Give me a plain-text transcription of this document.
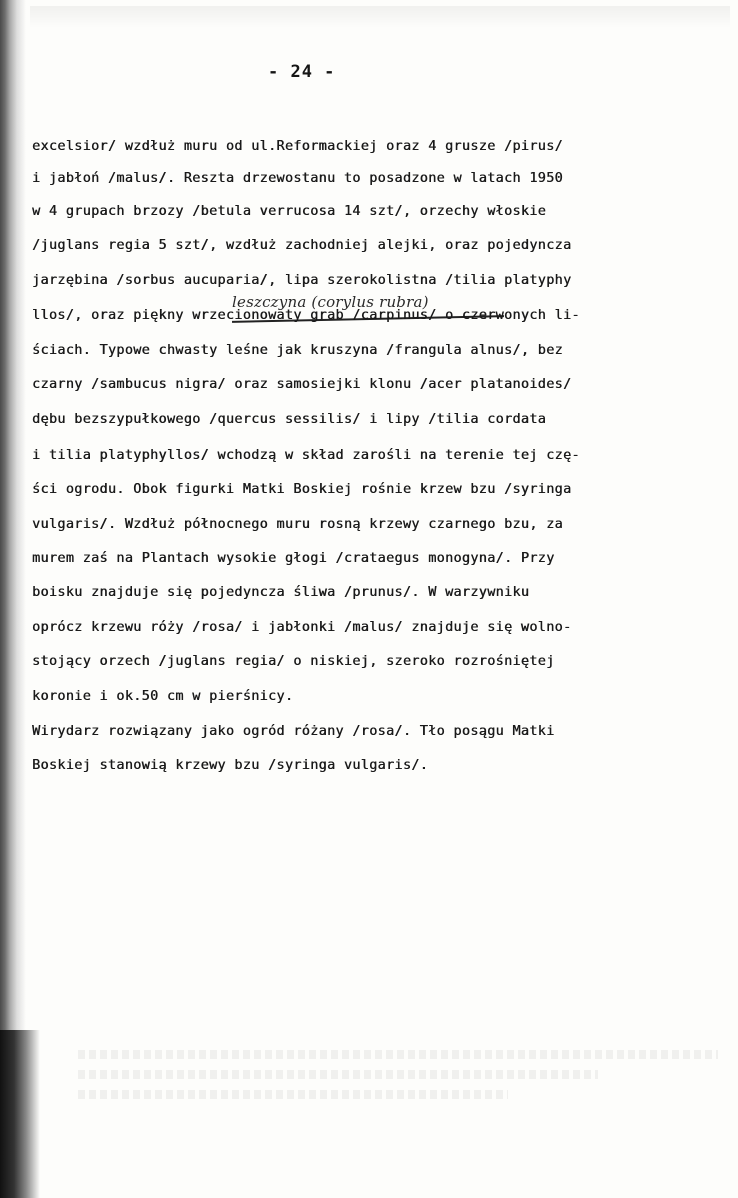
- 24 -
leszczyna (corylus rubra)
excelsior/ wzdłuż muru od ul.Reformackiej oraz 4 grusze /pirus/
i jabłoń /malus/. Reszta drzewostanu to posadzone w latach 1950
w 4 grupach brzozy /betula verrucosa 14 szt/, orzechy włoskie
/juglans regia 5 szt/, wzdłuż zachodniej alejki, oraz pojedyncza
jarzębina /sorbus aucuparia/, lipa szerokolistna /tilia platyphy
llos/, oraz piękny wrzecionowaty grab /carpinus/ o czerwonych li-
ściach. Typowe chwasty leśne jak kruszyna /frangula alnus/, bez
czarny /sambucus nigra/ oraz samosiejki klonu /acer platanoides/
dębu bezszypułkowego /quercus sessilis/ i lipy /tilia cordata
i tilia platyphyllos/ wchodzą w skład zarośli na terenie tej czę-
ści ogrodu. Obok figurki Matki Boskiej rośnie krzew bzu /syringa
vulgaris/. Wzdłuż północnego muru rosną krzewy czarnego bzu, za
murem zaś na Plantach wysokie głogi /crataegus monogyna/. Przy
boisku znajduje się pojedyncza śliwa /prunus/. W warzywniku
oprócz krzewu róży /rosa/ i jabłonki /malus/ znajduje się wolno-
stojący orzech /juglans regia/ o niskiej, szeroko rozrośniętej
koronie i ok.50 cm w pierśnicy.
Wirydarz rozwiązany jako ogród różany /rosa/. Tło posągu Matki
Boskiej stanowią krzewy bzu /syringa vulgaris/.
